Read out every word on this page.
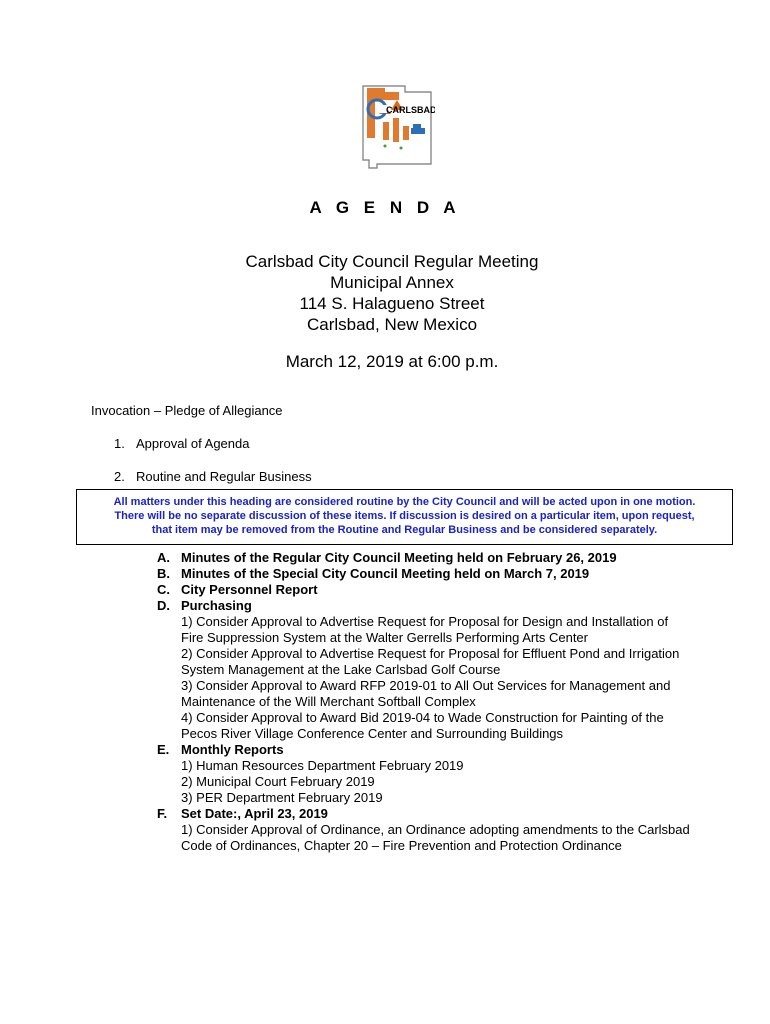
CARLSBAD
A G E N D A
Carlsbad City Council Regular Meeting
Municipal Annex
114 S. Halagueno Street
Carlsbad, New Mexico
March 12, 2019 at 6:00 p.m.
Invocation – Pledge of Allegiance
1. Approval of Agenda
2. Routine and Regular Business
All matters under this heading are considered routine by the City Council and will be acted upon in one motion.
There will be no separate discussion of these items. If discussion is desired on a particular item, upon request,
that item may be removed from the Routine and Regular Business and be considered separately.
A. Minutes of the Regular City Council Meeting held on February 26, 2019
B. Minutes of the Special City Council Meeting held on March 7, 2019
C. City Personnel Report
D. Purchasing
1) Consider Approval to Advertise Request for Proposal for Design and Installation of Fire Suppression System at the Walter Gerrells Performing Arts Center
2) Consider Approval to Advertise Request for Proposal for Effluent Pond and Irrigation System Management at the Lake Carlsbad Golf Course
3) Consider Approval to Award RFP 2019-01 to All Out Services for Management and Maintenance of the Will Merchant Softball Complex
4) Consider Approval to Award Bid 2019-04 to Wade Construction for Painting of the Pecos River Village Conference Center and Surrounding Buildings
E. Monthly Reports
1) Human Resources Department February 2019
2) Municipal Court February 2019
3) PER Department February 2019
F.	Set Date:, April 23, 2019
1) Consider Approval of Ordinance, an Ordinance adopting amendments to the Carlsbad Code of Ordinances, Chapter 20 – Fire Prevention and Protection Ordinance
